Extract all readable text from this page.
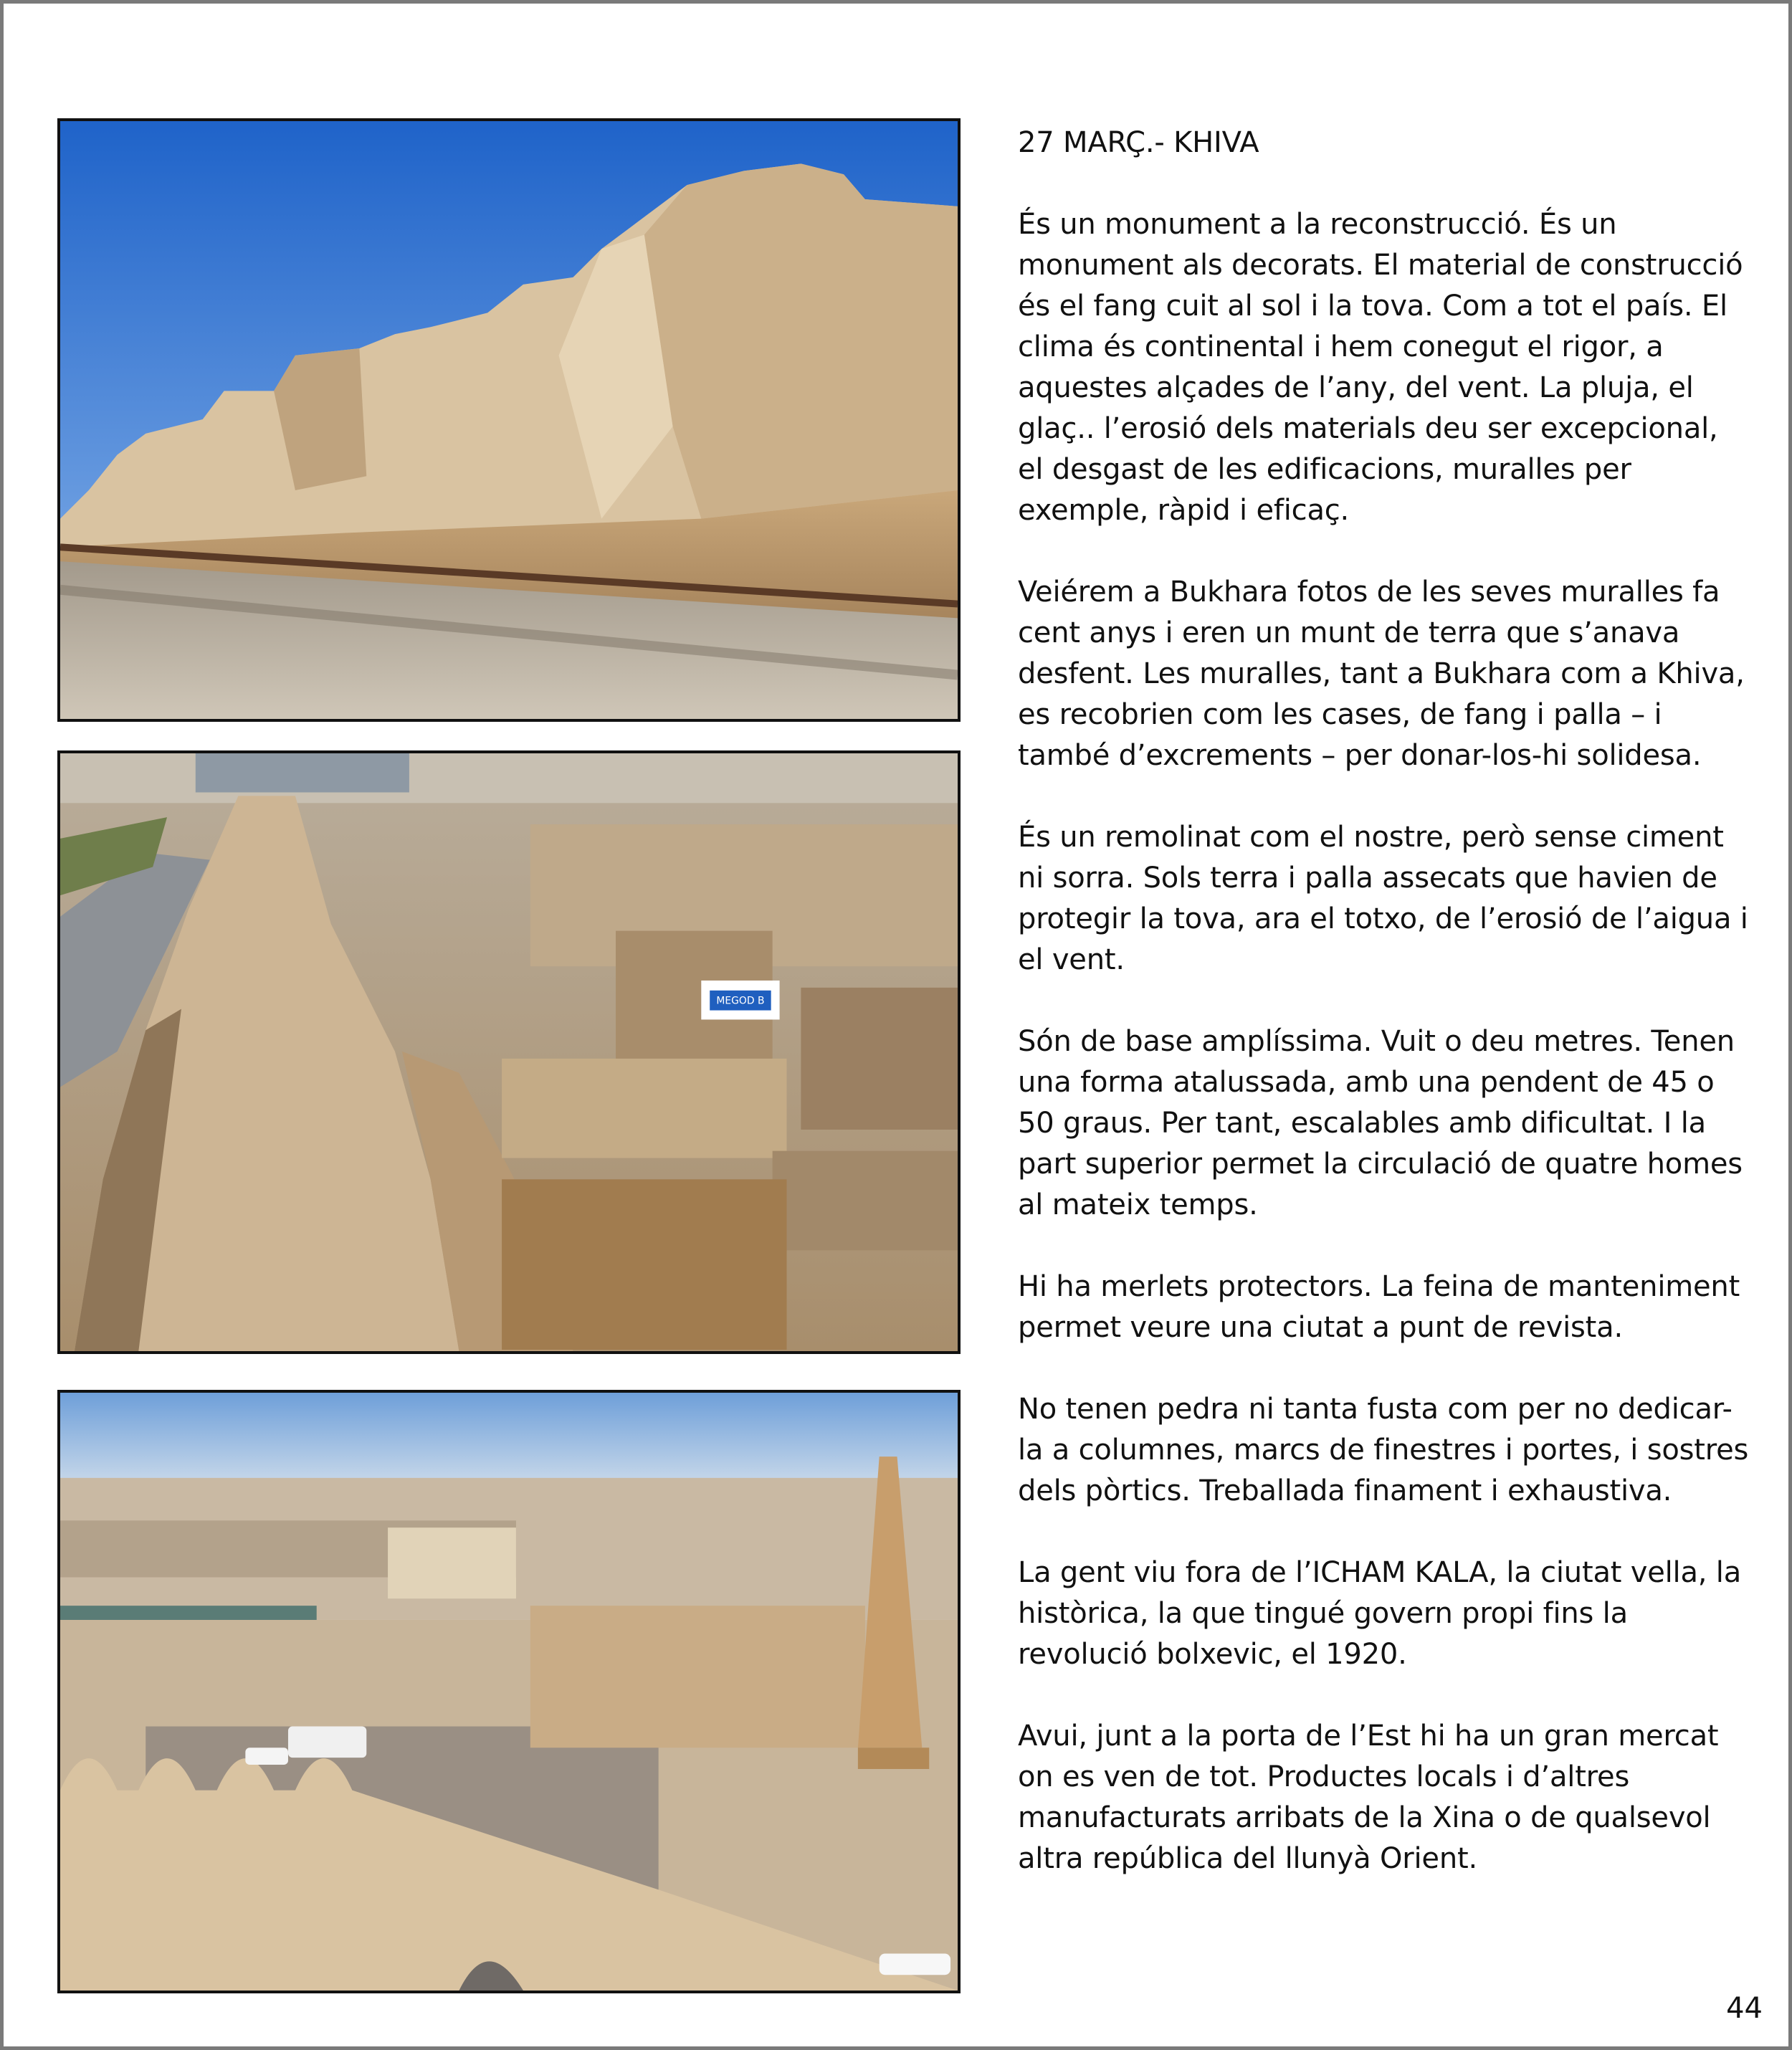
MEGOD B

27 MARÇ.- KHIVA

És un monument a la reconstrucció. És un monument als decorats. El material de construcció és el fang cuit al sol i la tova. Com a tot el país. El clima és continental i hem conegut el rigor, a aquestes alçades de l’any, del vent. La pluja, el glaç.. l’erosió dels materials deu ser excepcional, el desgast de les edificacions, muralles per exemple, ràpid i eficaç.

Veiérem a Bukhara fotos de les seves muralles fa cent anys i eren un munt de terra que s’anava desfent. Les muralles, tant a Bukhara com a Khiva, es recobrien com les cases, de fang i palla – i també d’excrements – per donar-los-hi solidesa.

És un remolinat com el nostre, però sense ciment ni sorra. Sols terra i palla assecats que havien de protegir la tova, ara el totxo, de l’erosió de l’aigua i el vent.

Són de base amplíssima. Vuit o deu metres. Tenen una forma atalussada, amb una pendent de 45 o 50 graus. Per tant, escalables amb dificultat. I la part superior permet la circulació de quatre homes al mateix temps.

Hi ha merlets protectors. La feina de manteniment permet veure una ciutat a punt de revista.

No tenen pedra ni tanta fusta com per no dedicar-la a columnes, marcs de finestres i portes, i sostres dels pòrtics. Treballada finament i exhaustiva.

La gent viu fora de l’ICHAM KALA, la ciutat vella, la històrica, la que tingué govern propi fins la revolució bolxevic, el 1920.

Avui, junt a la porta de l’Est hi ha un gran mercat on es ven de tot. Productes locals i d’altres manufacturats arribats de la Xina o de qualsevol altra república del llunyà Orient.

44
